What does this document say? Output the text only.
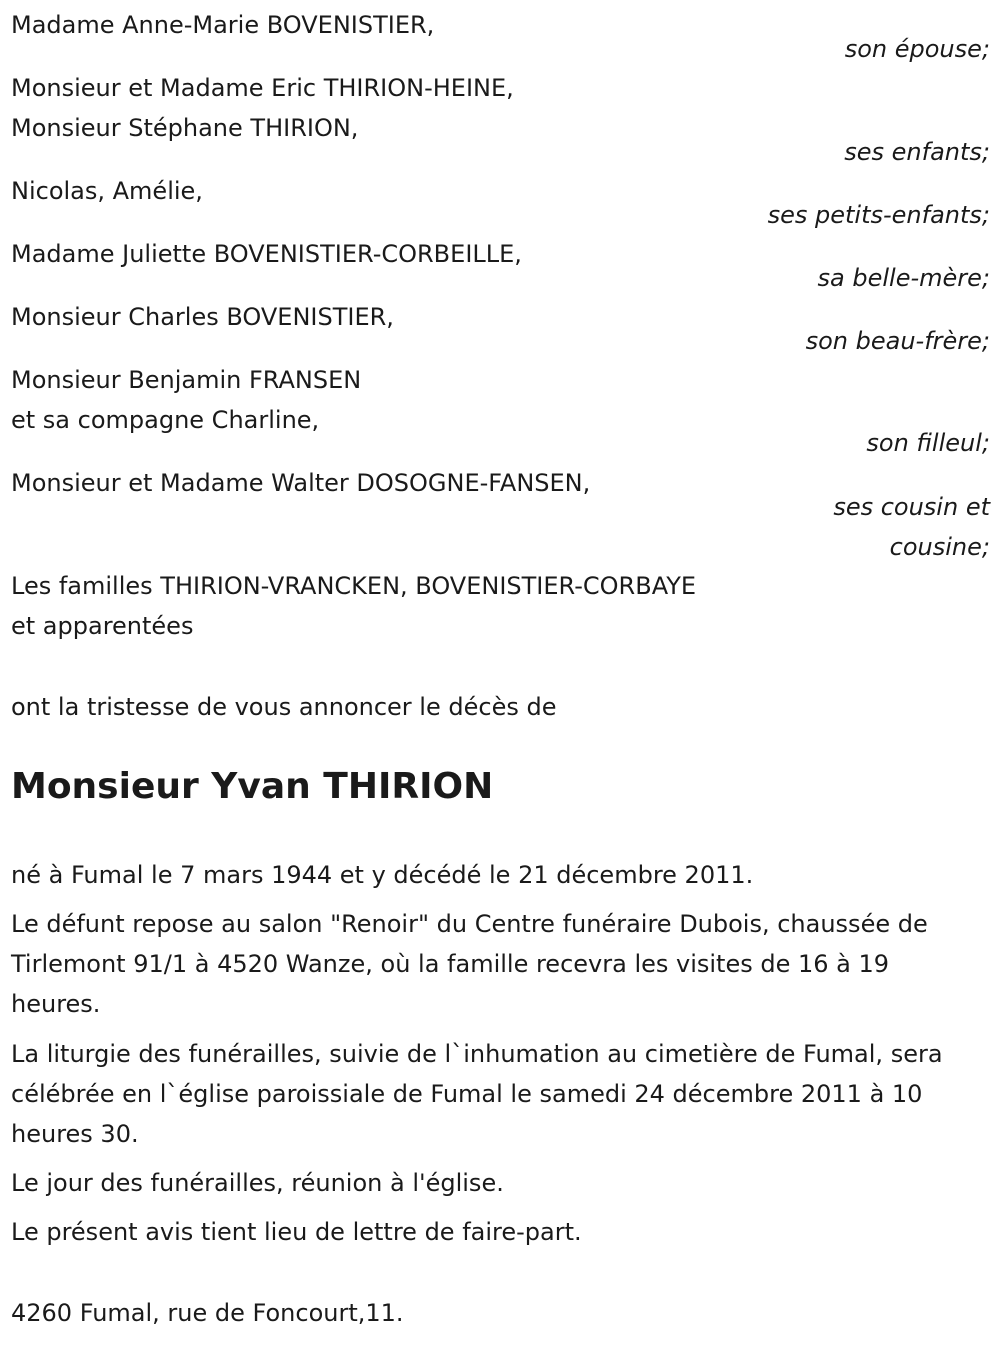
Madame Anne-Marie BOVENISTIER,
son épouse;
Monsieur et Madame Eric THIRION-HEINE,
Monsieur Stéphane THIRION,
ses enfants;
Nicolas, Amélie,
ses petits-enfants;
Madame Juliette BOVENISTIER-CORBEILLE,
sa belle-mère;
Monsieur Charles BOVENISTIER,
son beau-frère;
Monsieur Benjamin FRANSEN
et sa compagne Charline,
son filleul;
Monsieur et Madame Walter DOSOGNE-FANSEN,
ses cousin et
cousine;
Les familles THIRION-VRANCKEN, BOVENISTIER-CORBAYE
et apparentées
ont la tristesse de vous annoncer le décès de
Monsieur Yvan THIRION
né à Fumal le 7 mars 1944 et y décédé le 21 décembre 2011.
Le défunt repose au salon "Renoir" du Centre funéraire Dubois, chaussée de Tirlemont 91/1 à 4520 Wanze, où la famille recevra les visites de 16 à 19 heures.
La liturgie des funérailles, suivie de l`inhumation au cimetière de Fumal, sera célébrée en l`église paroissiale de Fumal le samedi 24 décembre 2011 à 10 heures 30.
Le jour des funérailles, réunion à l'église.
Le présent avis tient lieu de lettre de faire-part.
4260 Fumal, rue de Foncourt,11.
